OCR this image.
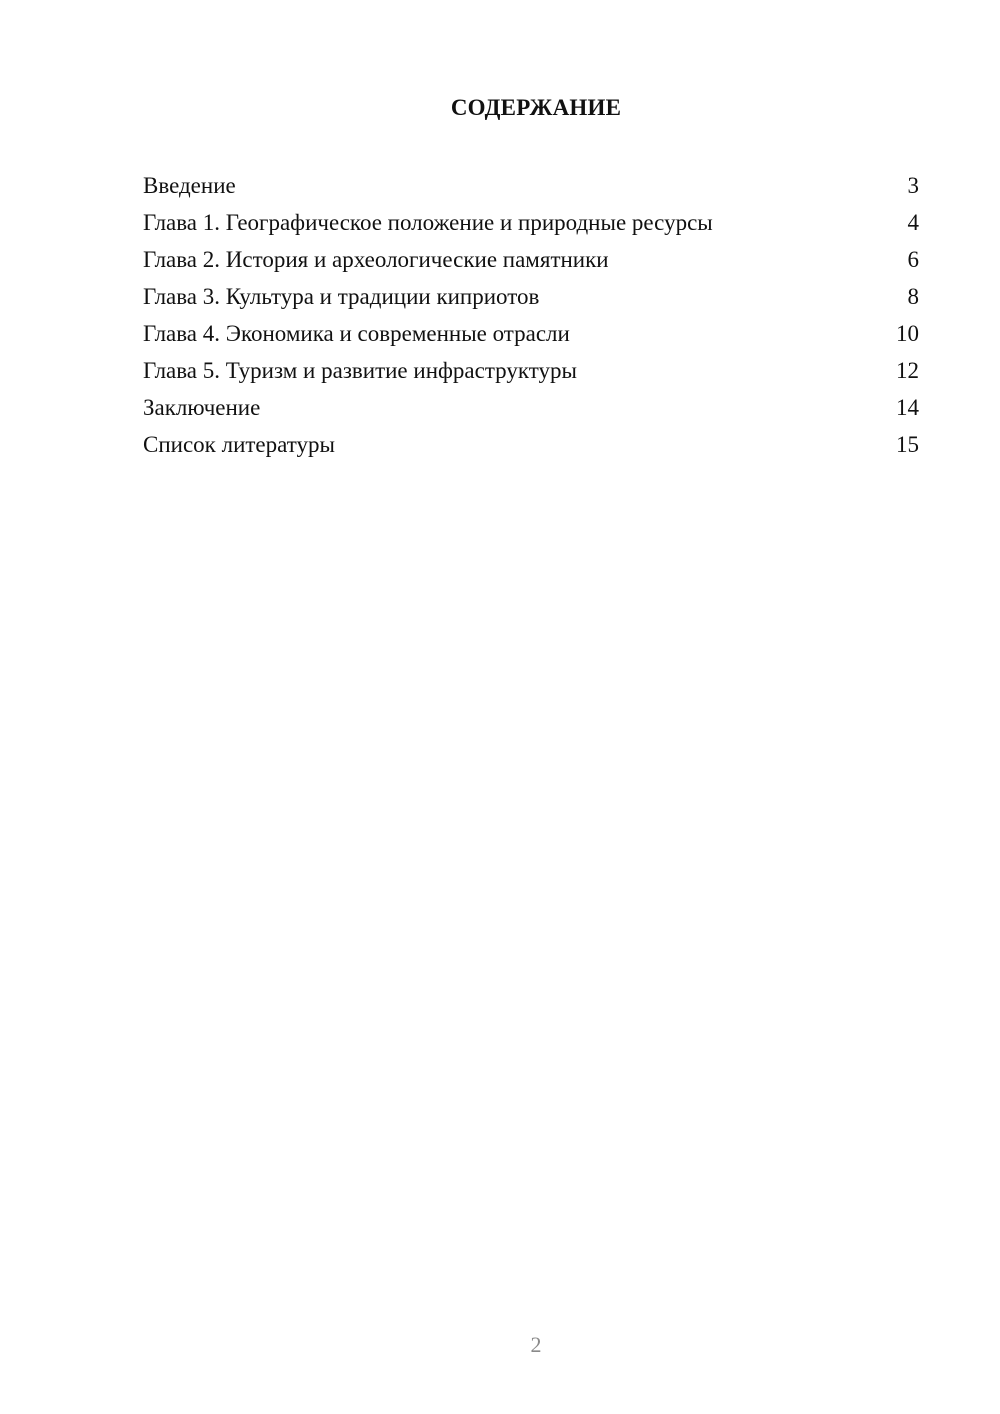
СОДЕРЖАНИЕ
Введение	3
Глава 1. Географическое положение и природные ресурсы	4
Глава 2. История и археологические памятники	6
Глава 3. Культура и традиции киприотов	8
Глава 4. Экономика и современные отрасли	10
Глава 5. Туризм и развитие инфраструктуры	12
Заключение	14
Список литературы	15
2
